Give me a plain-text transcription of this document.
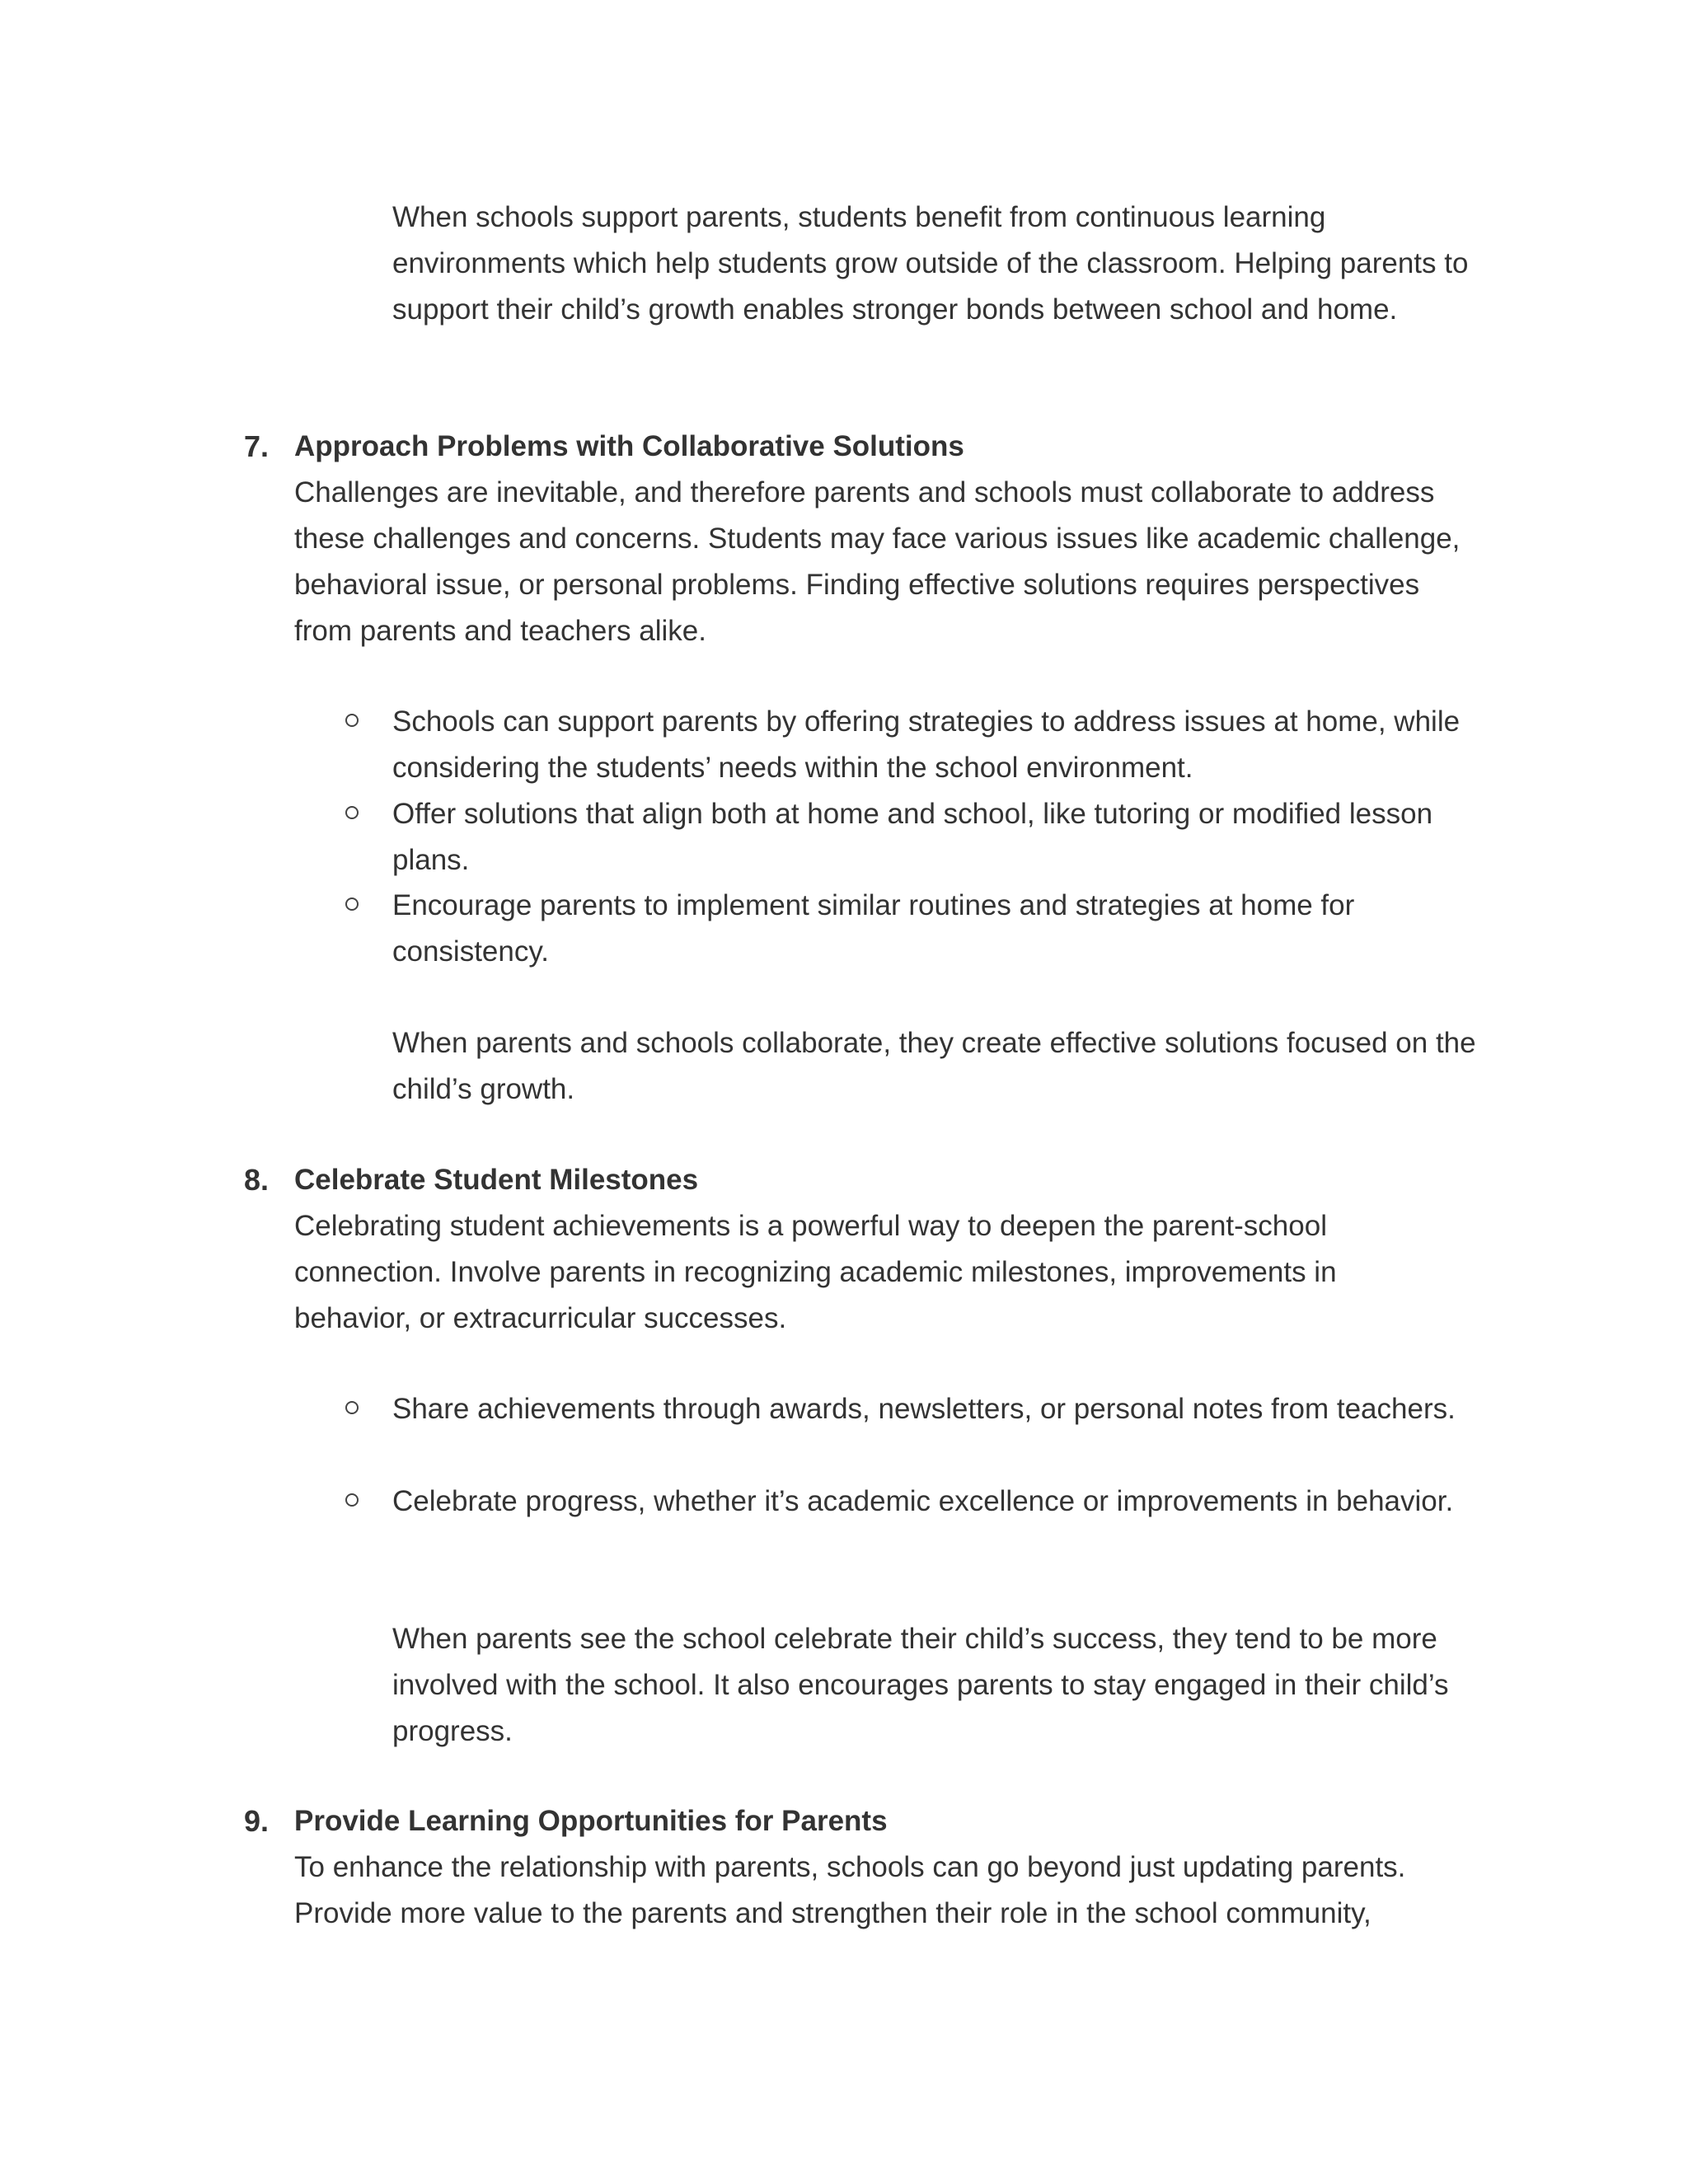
When schools support parents, students benefit from continuous learning environments which help students grow outside of the classroom. Helping parents to support their child’s growth enables stronger bonds between school and home.

7. Approach Problems with Collaborative Solutions

Challenges are inevitable, and therefore parents and schools must collaborate to address these challenges and concerns. Students may face various issues like academic challenge, behavioral issue, or personal problems. Finding effective solutions requires perspectives from parents and teachers alike.

Schools can support parents by offering strategies to address issues at home, while considering the students’ needs within the school environment.

Offer solutions that align both at home and school, like tutoring or modified lesson plans.

Encourage parents to implement similar routines and strategies at home for consistency.

When parents and schools collaborate, they create effective solutions focused on the child’s growth.

8. Celebrate Student Milestones

Celebrating student achievements is a powerful way to deepen the parent-school connection. Involve parents in recognizing academic milestones, improvements in behavior, or extracurricular successes.

Share achievements through awards, newsletters, or personal notes from teachers.

Celebrate progress, whether it’s academic excellence or improvements in behavior.

When parents see the school celebrate their child’s success, they tend to be more involved with the school. It also encourages parents to stay engaged in their child’s progress.

9. Provide Learning Opportunities for Parents

To enhance the relationship with parents, schools can go beyond just updating parents. Provide more value to the parents and strengthen their role in the school community,
